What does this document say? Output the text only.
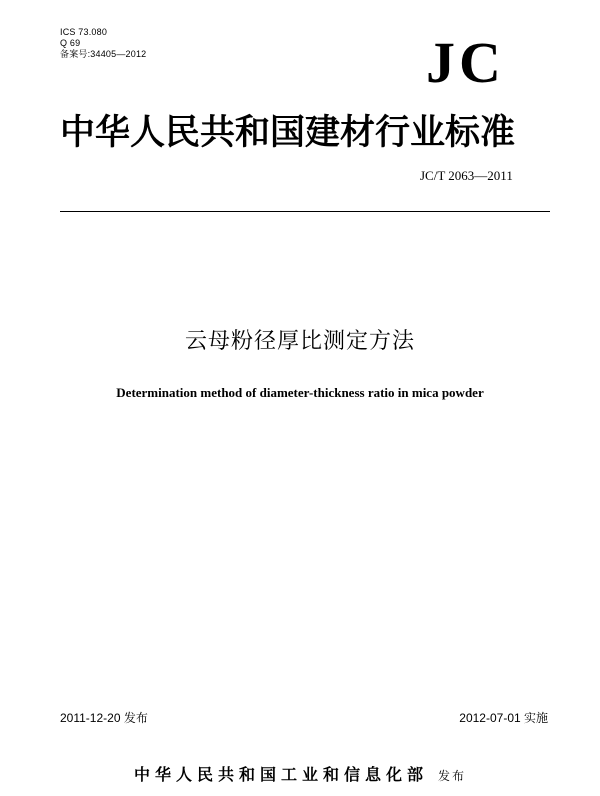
ICS 73.080
Q 69
备案号:34405—2012	JC
中华人民共和国建材行业标准
JC/T 2063—2011
云母粉径厚比测定方法
Determination method of diameter-thickness ratio in mica powder
2011-12-20 发布	2012-07-01 实施
中华人民共和国工业和信息化部 发布
